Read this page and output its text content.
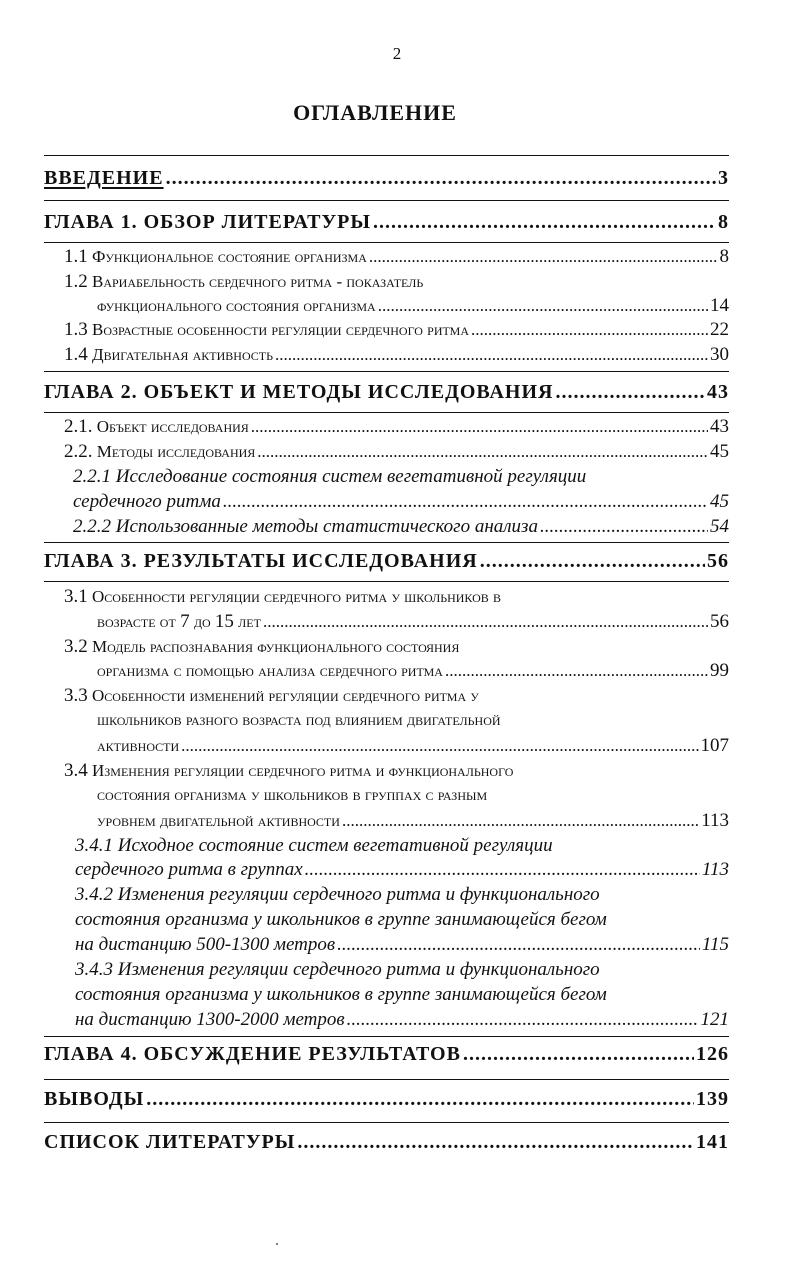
2
ОГЛАВЛЕНИЕ
ВВЕДЕНИЕ .....	3
ГЛАВА 1. ОБЗОР ЛИТЕРАТУРЫ .....	8
1.1 Функциональное состояние организма .....	8
1.2 Вариабельность сердечного ритма - показатель
функционального состояния организма .....	14
1.3 Возрастные особенности регуляции сердечного ритма .....	22
1.4 Двигательная активность .....	30
ГЛАВА 2. ОБЪЕКТ И МЕТОДЫ ИССЛЕДОВАНИЯ .....	43
2.1. Объект исследования .....	43
2.2. Методы исследования .....	45
2.2.1 Исследование состояния систем вегетативной регуляции
сердечного ритма .....	45
2.2.2 Использованные методы статистического анализа .....	54
ГЛАВА 3. РЕЗУЛЬТАТЫ ИССЛЕДОВАНИЯ .....	56
3.1 Особенности регуляции сердечного ритма у школьников в
возрасте от 7 до 15 лет .....	56
3.2 Модель распознавания функционального состояния
организма с помощью анализа сердечного ритма .....	99
3.3 Особенности изменений регуляции сердечного ритма у
школьников разного возраста под влиянием двигательной
активности .....	107
3.4 Изменения регуляции сердечного ритма и функционального
состояния организма у школьников в группах с разным
уровнем двигательной активности .....	113
3.4.1 Исходное состояние систем вегетативной регуляции
сердечного ритма в группах .....	113
3.4.2 Изменения регуляции сердечного ритма и функционального
состояния организма у школьников в группе занимающейся бегом
на дистанцию 500-1300 метров .....	115
3.4.3 Изменения регуляции сердечного ритма и функционального
состояния организма у школьников в группе занимающейся бегом
на дистанцию 1300-2000 метров .....	121
ГЛАВА 4. ОБСУЖДЕНИЕ РЕЗУЛЬТАТОВ .....	126
ВЫВОДЫ .....	139
СПИСОК ЛИТЕРАТУРЫ .....	141
